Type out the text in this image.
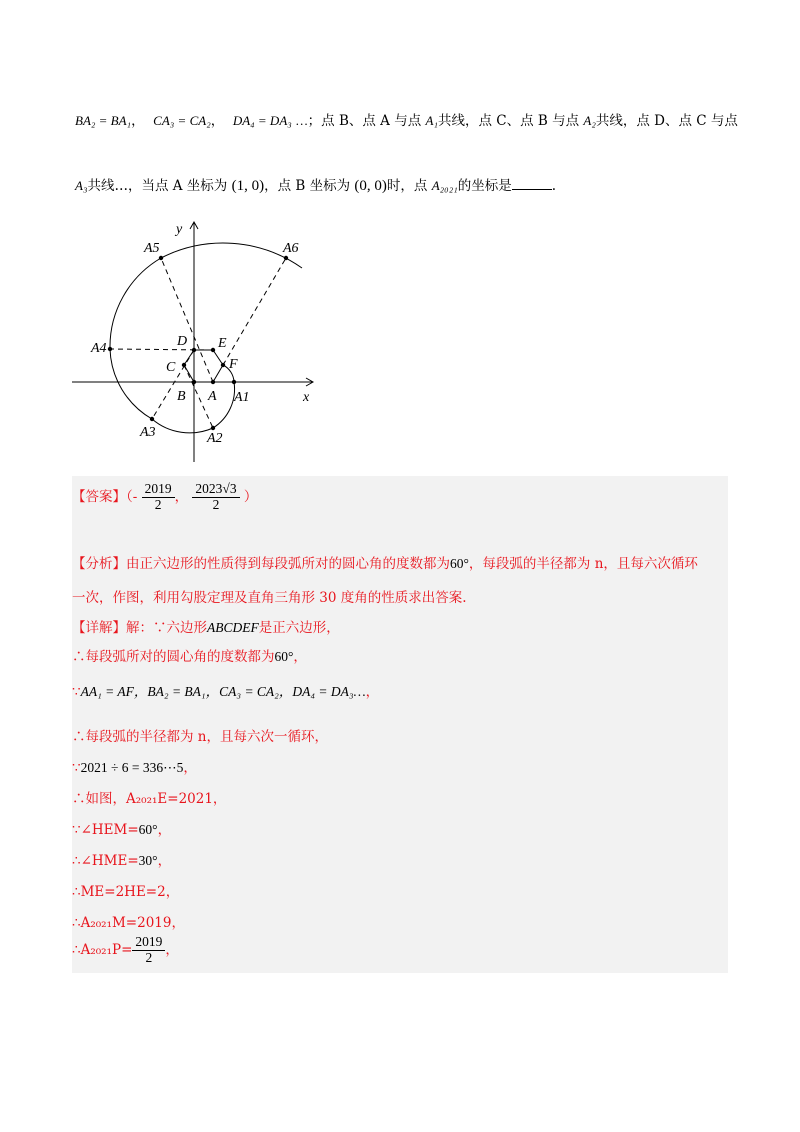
BA₂ = BA₁，  CA₃ = CA₂，  DA₄ = DA₃ …；点 B、点 A 与点 A₁共线，点 C、点 B 与点 A₂共线，点 D、点 C 与点
A₃共线…，当点 A 坐标为 (1, 0)，点 B 坐标为 (0, 0)时，点 A₂₀₂₁的坐标是	.
y
x
B A
F
E
D
C
A1
A2
A3
A4
A5	A6
【答案】（- $\frac{2019}{2}$ ， $\frac{2023√3}{2}$ ）
【分析】由正六边形的性质得到每段弧所对的圆心角的度数都为60°，每段弧的半径都为 n，且每六次循环
一次，作图，利用勾股定理及直角三角形 30 度角的性质求出答案.
【详解】解：∵六边形ABCDEF是正六边形，
∴每段弧所对的圆心角的度数都为60°，
∵AA₁ = AF，BA₂ = BA₁，CA₃ = CA₂，DA₄ = DA₃…，
∴每段弧的半径都为 n，且每六次一循环，
∵2021 ÷ 6 = 336⋯5，
∴如图，A₂₀₂₁E=2021，
∵∠HEM=60°，
∴∠HME=30°，
∴ME=2HE=2，
∴A₂₀₂₁M=2019，
∴A₂₀₂₁P= $\frac{2019}{2}$ ，
